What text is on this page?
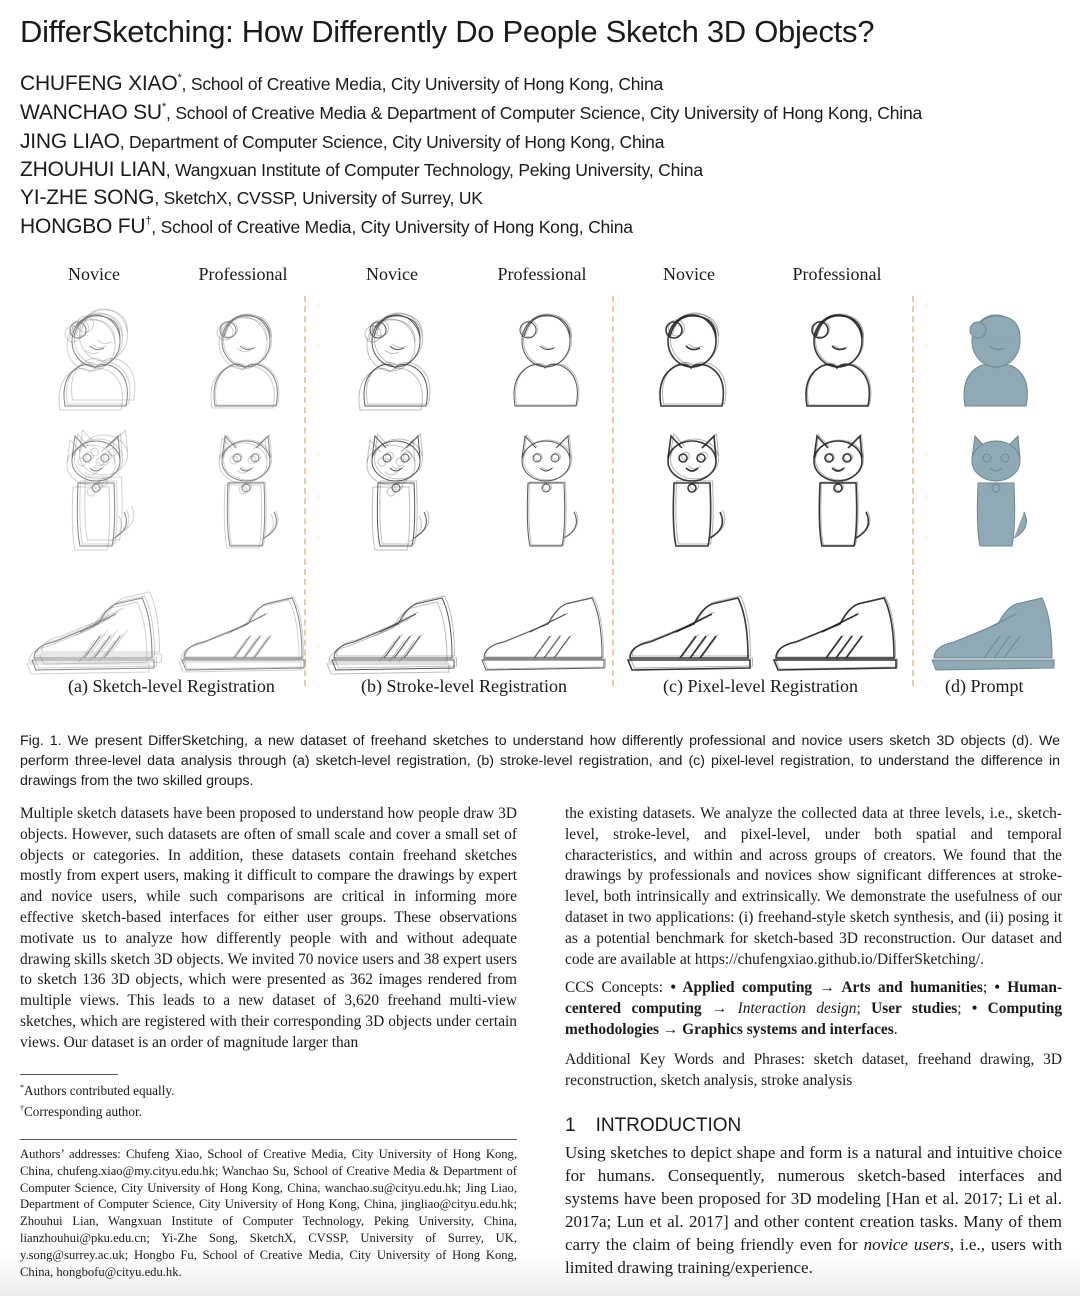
DifferSketching: How Differently Do People Sketch 3D Objects?
CHUFENG XIAO*, School of Creative Media, City University of Hong Kong, China
WANCHAO SU*, School of Creative Media & Department of Computer Science, City University of Hong Kong, China
JING LIAO, Department of Computer Science, City University of Hong Kong, China
ZHOUHUI LIAN, Wangxuan Institute of Computer Technology, Peking University, China
YI-ZHE SONG, SketchX, CVSSP, University of Surrey, UK
HONGBO FU†, School of Creative Media, City University of Hong Kong, China
Novice	Professional	Novice	Professional	Novice	Professional
(a) Sketch-level Registration	(b) Stroke-level Registration	(c) Pixel-level Registration	(d) Prompt
Fig. 1. We present DifferSketching, a new dataset of freehand sketches to understand how differently professional and novice users sketch 3D objects (d). We perform three-level data analysis through (a) sketch-level registration, (b) stroke-level registration, and (c) pixel-level registration, to understand the difference in drawings from the two skilled groups.
Multiple sketch datasets have been proposed to understand how people draw 3D objects. However, such datasets are often of small scale and cover a small set of objects or categories. In addition, these datasets contain freehand sketches mostly from expert users, making it difficult to compare the drawings by expert and novice users, while such comparisons are critical in informing more effective sketch-based interfaces for either user groups. These observations motivate us to analyze how differently people with and without adequate drawing skills sketch 3D objects. We invited 70 novice users and 38 expert users to sketch 136 3D objects, which were presented as 362 images rendered from multiple views. This leads to a new dataset of 3,620 freehand multi-view sketches, which are registered with their corresponding 3D objects under certain views. Our dataset is an order of magnitude larger than
the existing datasets. We analyze the collected data at three levels, i.e., sketch-level, stroke-level, and pixel-level, under both spatial and temporal characteristics, and within and across groups of creators. We found that the drawings by professionals and novices show significant differences at stroke-level, both intrinsically and extrinsically. We demonstrate the usefulness of our dataset in two applications: (i) freehand-style sketch synthesis, and (ii) posing it as a potential benchmark for sketch-based 3D reconstruction. Our dataset and code are available at https://chufengxiao.github.io/DifferSketching/.
CCS Concepts: • Applied computing → Arts and humanities; • Human-centered computing → Interaction design; User studies; • Computing methodologies → Graphics systems and interfaces.
Additional Key Words and Phrases: sketch dataset, freehand drawing, 3D reconstruction, sketch analysis, stroke analysis
*Authors contributed equally.
†Corresponding author.
Authors’ addresses: Chufeng Xiao, School of Creative Media, City University of Hong Kong, China, chufeng.xiao@my.cityu.edu.hk; Wanchao Su, School of Creative Media & Department of Computer Science, City University of Hong Kong, China, wanchao.su@cityu.edu.hk; Jing Liao, Department of Computer Science, City University of Hong Kong, China, jingliao@cityu.edu.hk; Zhouhui Lian, Wangxuan Institute of Computer Technology, Peking University, China, lianzhouhui@pku.edu.cn; Yi-Zhe Song, SketchX, CVSSP, University of Surrey, UK, y.song@surrey.ac.uk; Hongbo Fu, School of Creative Media, City University of Hong Kong, China, hongbofu@cityu.edu.hk.
1 INTRODUCTION
Using sketches to depict shape and form is a natural and intuitive choice for humans. Consequently, numerous sketch-based interfaces and systems have been proposed for 3D modeling [Han et al. 2017; Li et al. 2017a; Lun et al. 2017] and other content creation tasks. Many of them carry the claim of being friendly even for novice users, i.e., users with limited drawing training/experience.
